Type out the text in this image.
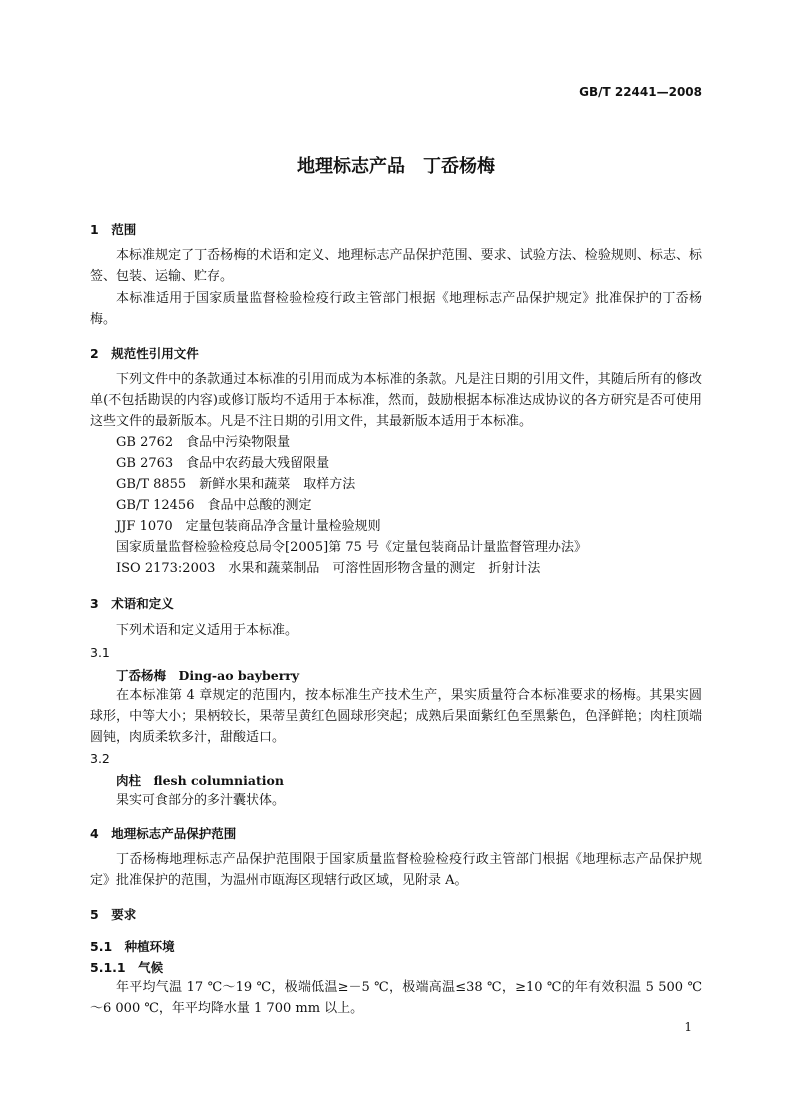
GB/T 22441—2008
地理标志产品　丁岙杨梅
1　范围
本标准规定了丁岙杨梅的术语和定义、地理标志产品保护范围、要求、试验方法、检验规则、标志、标签、包装、运输、贮存。
本标准适用于国家质量监督检验检疫行政主管部门根据《地理标志产品保护规定》批准保护的丁岙杨梅。
2　规范性引用文件
下列文件中的条款通过本标准的引用而成为本标准的条款。凡是注日期的引用文件，其随后所有的修改单(不包括勘误的内容)或修订版均不适用于本标准，然而，鼓励根据本标准达成协议的各方研究是否可使用这些文件的最新版本。凡是不注日期的引用文件，其最新版本适用于本标准。
GB 2762　食品中污染物限量
GB 2763　食品中农药最大残留限量
GB/T 8855　新鲜水果和蔬菜　取样方法
GB/T 12456　食品中总酸的测定
JJF 1070　定量包装商品净含量计量检验规则
国家质量监督检验检疫总局令[2005]第 75 号《定量包装商品计量监督管理办法》
ISO 2173:2003　水果和蔬菜制品　可溶性固形物含量的测定　折射计法
3　术语和定义
下列术语和定义适用于本标准。
3.1
丁岙杨梅　Ding-ao bayberry
在本标准第 4 章规定的范围内，按本标准生产技术生产，果实质量符合本标准要求的杨梅。其果实圆球形，中等大小；果柄较长，果蒂呈黄红色圆球形突起；成熟后果面紫红色至黑紫色，色泽鲜艳；肉柱顶端圆钝，肉质柔软多汁，甜酸适口。
3.2
肉柱　flesh columniation
果实可食部分的多汁囊状体。
4　地理标志产品保护范围
丁岙杨梅地理标志产品保护范围限于国家质量监督检验检疫行政主管部门根据《地理标志产品保护规定》批准保护的范围，为温州市瓯海区现辖行政区域，见附录 A。
5　要求
5.1　种植环境
5.1.1　气候
年平均气温 17 ℃～19 ℃，极端低温≥－5 ℃，极端高温≤38 ℃，≥10 ℃的年有效积温 5 500 ℃～6 000 ℃，年平均降水量 1 700 mm 以上。
1
